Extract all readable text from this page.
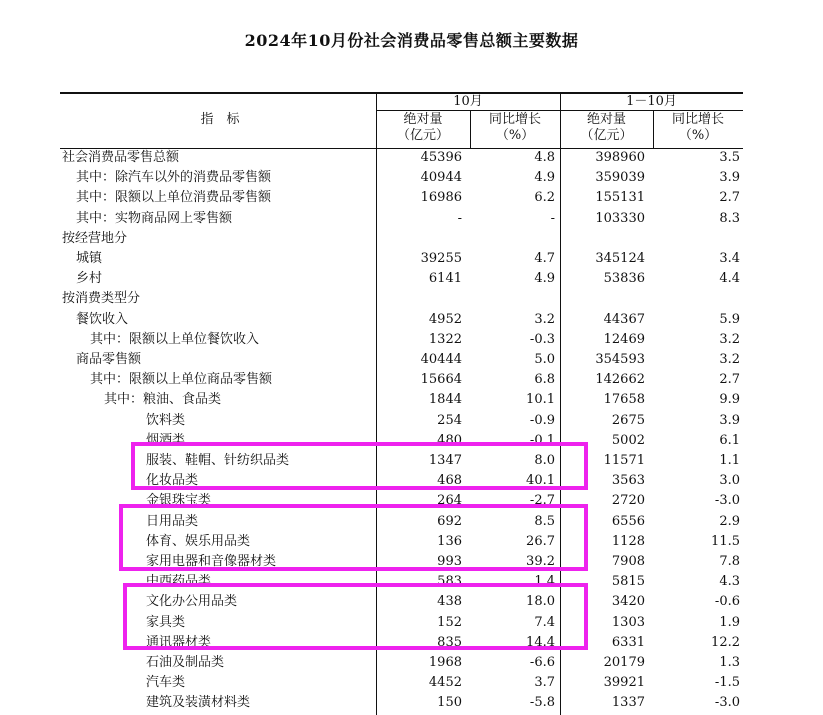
2024年10月份社会消费品零售总额主要数据
指　标
10月	1－10月
绝对量
（亿元）
同比增长
（%）
绝对量
（亿元）
同比增长
（%）
社会消费品零售总额	45396	4.8	398960	3.5
其中：除汽车以外的消费品零售额	40944	4.9	359039	3.9
其中：限额以上单位消费品零售额	16986	6.2	155131	2.7
其中：实物商品网上零售额	-	-	103330	8.3
按经营地分
城镇	39255	4.7	345124	3.4
乡村	6141	4.9	53836	4.4
按消费类型分
餐饮收入	4952	3.2	44367	5.9
其中：限额以上单位餐饮收入	1322	-0.3	12469	3.2
商品零售额	40444	5.0	354593	3.2
其中：限额以上单位商品零售额	15664	6.8	142662	2.7
其中：粮油、食品类	1844	10.1	17658	9.9
饮料类	254	-0.9	2675	3.9
烟酒类	480	-0.1	5002	6.1
服装、鞋帽、针纺织品类	1347	8.0	11571	1.1
化妆品类	468	40.1	3563	3.0
金银珠宝类	264	-2.7	2720	-3.0
日用品类	692	8.5	6556	2.9
体育、娱乐用品类	136	26.7	1128	11.5
家用电器和音像器材类	993	39.2	7908	7.8
中西药品类	583	1.4	5815	4.3
文化办公用品类	438	18.0	3420	-0.6
家具类	152	7.4	1303	1.9
通讯器材类	835	14.4	6331	12.2
石油及制品类	1968	-6.6	20179	1.3
汽车类	4452	3.7	39921	-1.5
建筑及装潢材料类	150	-5.8	1337	-3.0
